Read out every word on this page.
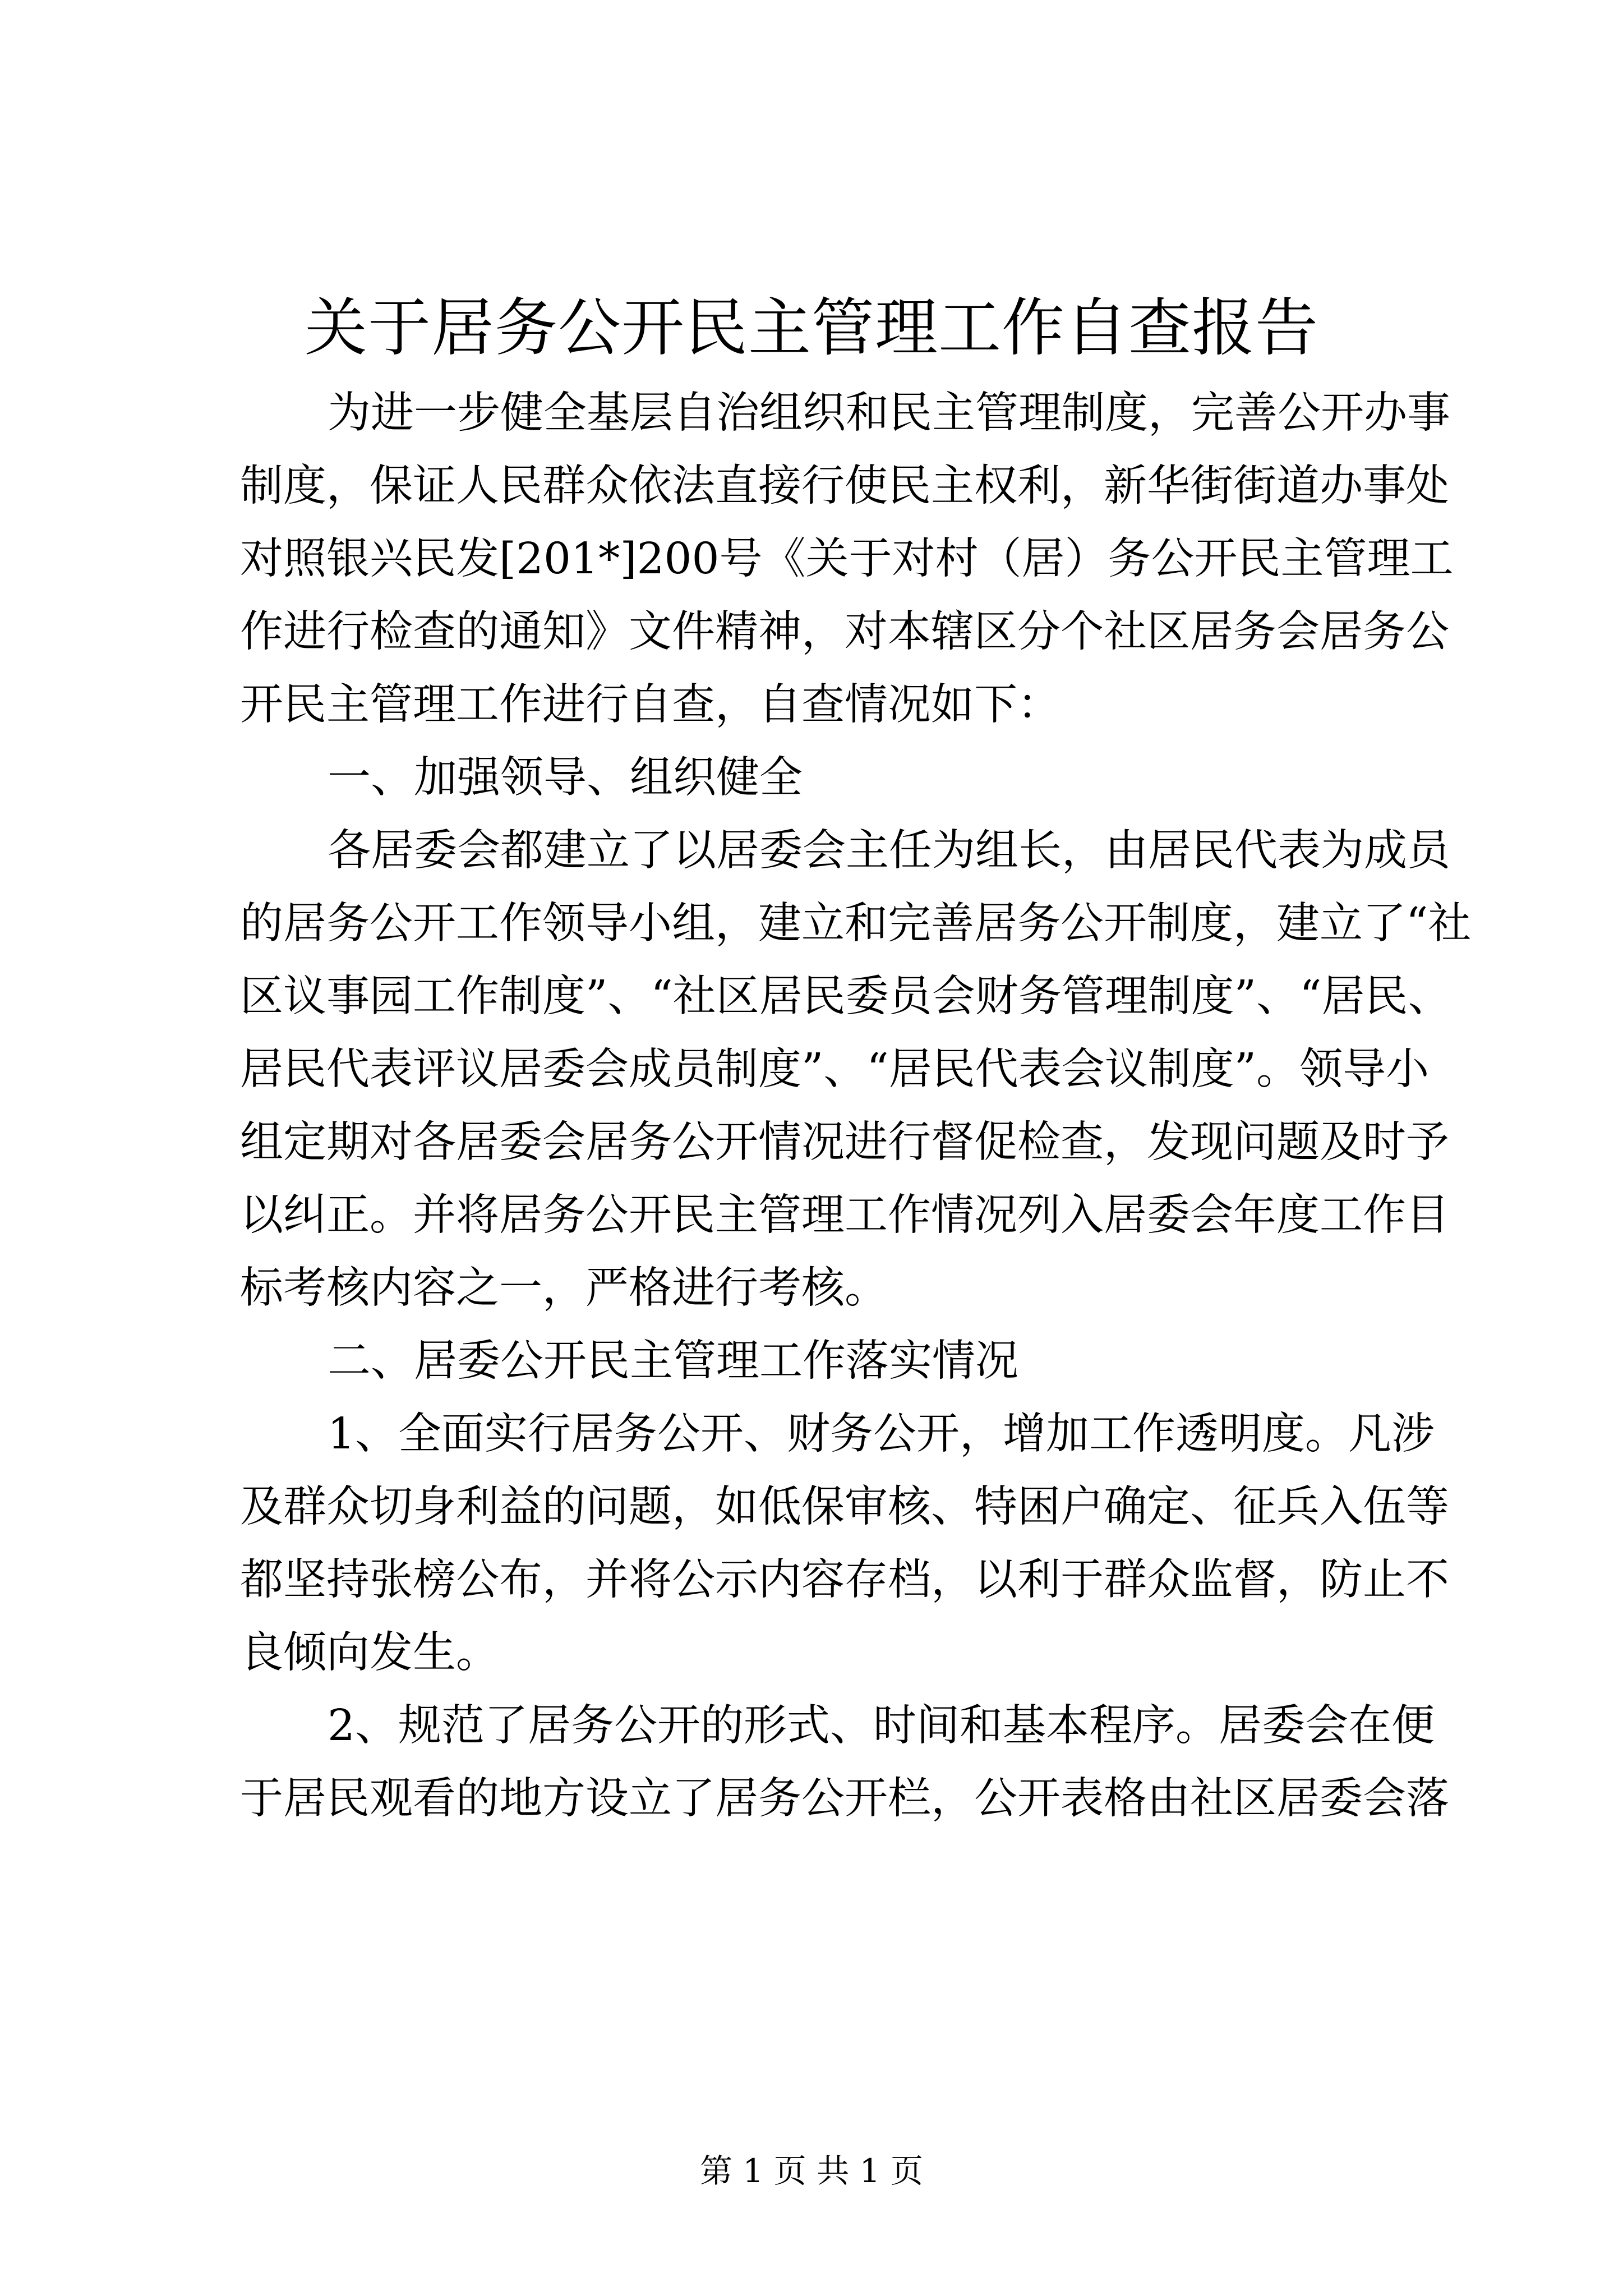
关于居务公开民主管理工作自查报告
为进一步健全基层自治组织和民主管理制度，完善公开办事
制度，保证人民群众依法直接行使民主权利，新华街街道办事处
对照银兴民发[201*]200号《关于对村（居）务公开民主管理工
作进行检查的通知》文件精神，对本辖区分个社区居务会居务公
开民主管理工作进行自查，自查情况如下：
一、加强领导、组织健全
各居委会都建立了以居委会主任为组长，由居民代表为成员
的居务公开工作领导小组，建立和完善居务公开制度，建立了“社
区议事园工作制度”、“社区居民委员会财务管理制度”、“居民、
居民代表评议居委会成员制度”、“居民代表会议制度”。领导小
组定期对各居委会居务公开情况进行督促检查，发现问题及时予
以纠正。并将居务公开民主管理工作情况列入居委会年度工作目
标考核内容之一，严格进行考核。
二、居委公开民主管理工作落实情况
1、全面实行居务公开、财务公开，增加工作透明度。凡涉
及群众切身利益的问题，如低保审核、特困户确定、征兵入伍等
都坚持张榜公布，并将公示内容存档，以利于群众监督，防止不
良倾向发生。
2、规范了居务公开的形式、时间和基本程序。居委会在便
于居民观看的地方设立了居务公开栏，公开表格由社区居委会落
第 1 页 共 1 页
